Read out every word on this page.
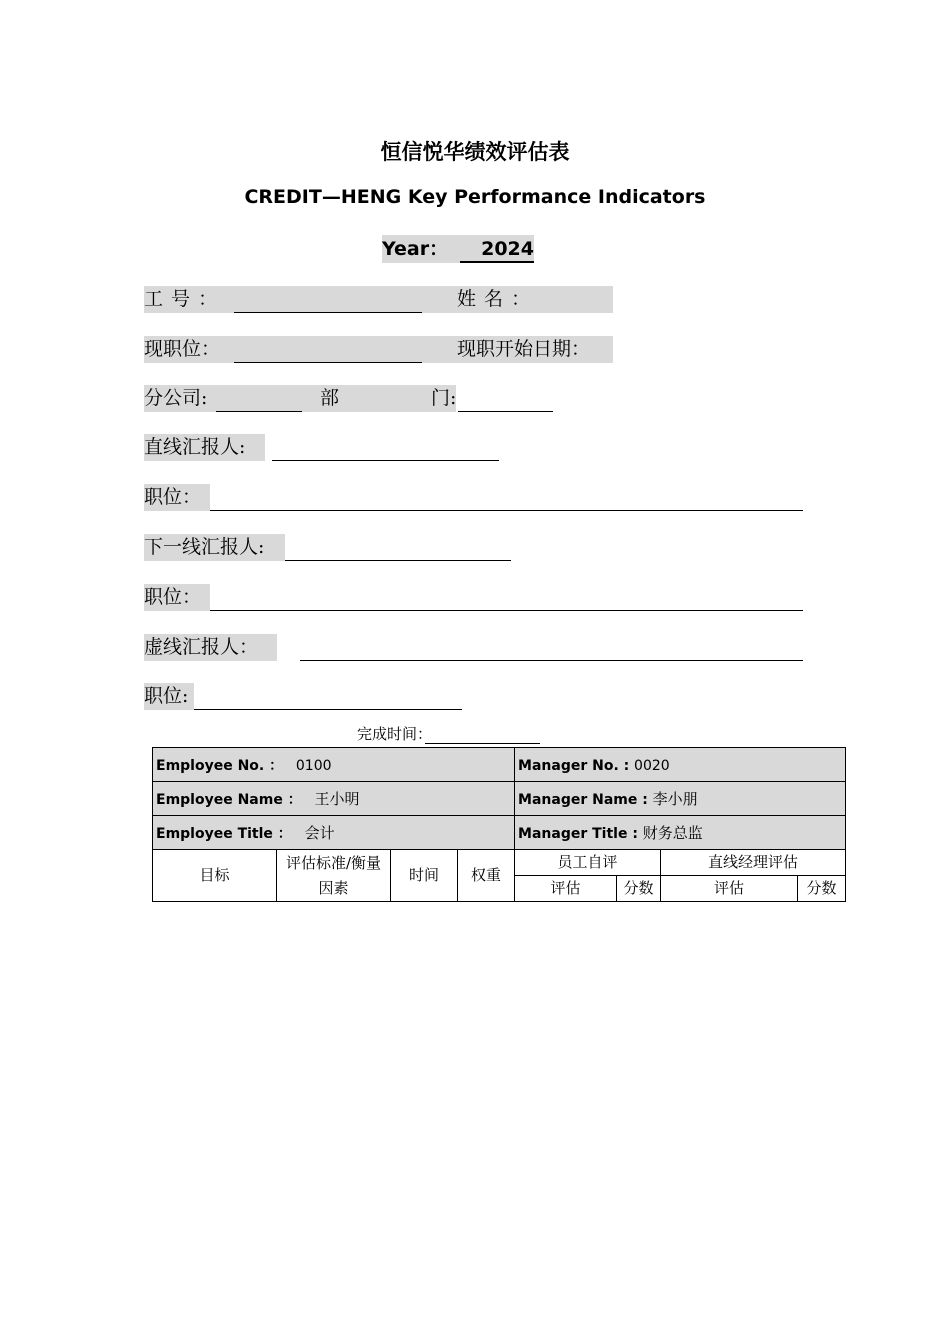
恒信悦华绩效评估表
CREDIT—HENG Key Performance Indicators
Year：	2024
工 号 ：	姓 名 ：
现职位：	现职开始日期：
分公司:	部	门:
直线汇报人:
职位：
下一线汇报人:
职位：
虚线汇报人：
职位:
完成时间：
Employee No. ： 0100				Manager No. : 0020			
Employee Name ： 王小明				Manager Name : 李小朋			
Employee Title ： 会计				Manager Title : 财务总监			
目标	评估标准/衡量因素	时间	权重	员工自评		直线经理评估	
				评估	分数	评估	分数
